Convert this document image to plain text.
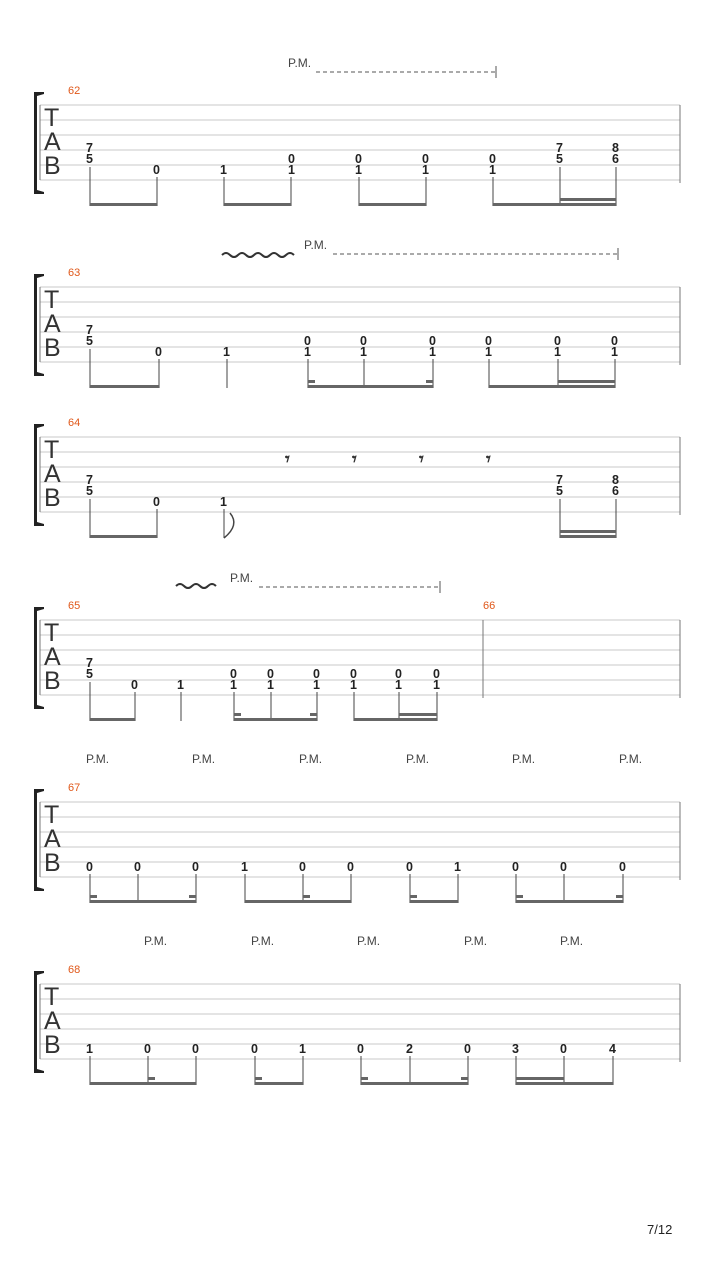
P.M.
62
T
A
B
7
5
0	1
0
1
0
1
0
1
0
1
7
5
8
6
P.M.
63
T
A
B
7
5
0	1
0
1
0
1
0
1
0
1
0
1
0
1
64
T
A
B
𝄾	𝄾	𝄾	𝄾
7
5
0	1
7
5
8
6
P.M.
65	66
T
A
B
7
5
0	1
0
1
0
1
0
1
0
1
0
1
0
1
P.M.	P.M.	P.M.	P.M.	P.M.	P.M.
67
T
A
B 0	0	0	1	0	0	0	1	0	0	0
P.M.	P.M.	P.M.	P.M.	P.M.
68
T
A
B 1	0	0	0	1	0	2	0	3	0	4
7/12
